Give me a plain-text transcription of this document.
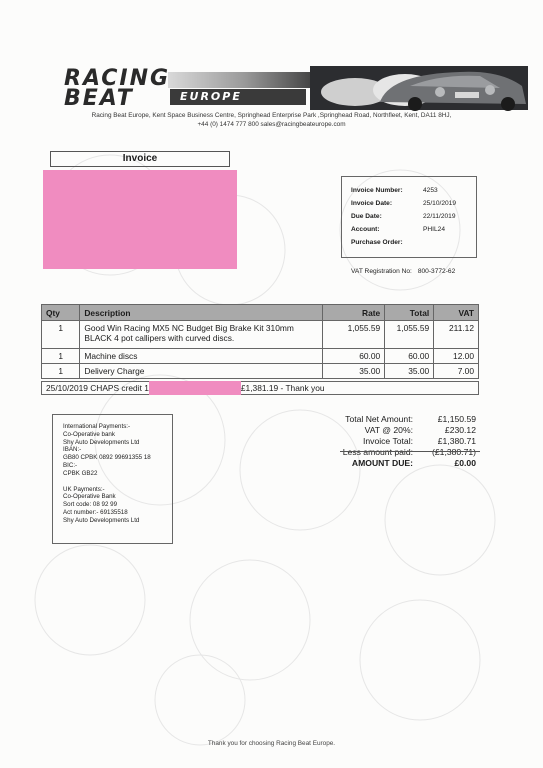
RACING
BEAT	EUROPE
Racing Beat Europe, Kent Space Business Centre, Springhead Enterprise Park ,Springhead Road, Northfleet, Kent, DA11 8HJ,
+44 (0) 1474 777 800 sales@racingbeateurope.com
Invoice
Invoice Number:	4253
Invoice Date:	25/10/2019
Due Date:	22/11/2019
Account:	PHIL24
Purchase Order:
VAT Registration No: 800-3772-62
Qty	Description	Rate	Total	VAT
1	Good Win Racing MX5 NC Budget Big Brake Kit 310mm BLACK 4 pot callipers with curved discs.	1,055.59	1,055.59	211.12
1	Machine discs	60.00	60.00	12.00
1	Delivery Charge	35.00	35.00	7.00
25/10/2019 CHAPS credit 1	£1,381.19 - Thank you
International Payments:-
Co-Operative bank
Shy Auto Developments Ltd
IBAN:-
GB80 CPBK 0892 99691355 18
BIC:-
CPBK GB22
UK Payments:-
Co-Operative Bank
Sort code: 08 92 99
Act number:- 69135518
Shy Auto Developments Ltd
Total Net Amount:	£1,150.59
VAT @ 20%:	£230.12
Invoice Total:	£1,380.71
Less amount paid: (£1,380.71)
AMOUNT DUE:	£0.00
Thank you for choosing Racing Beat Europe.
